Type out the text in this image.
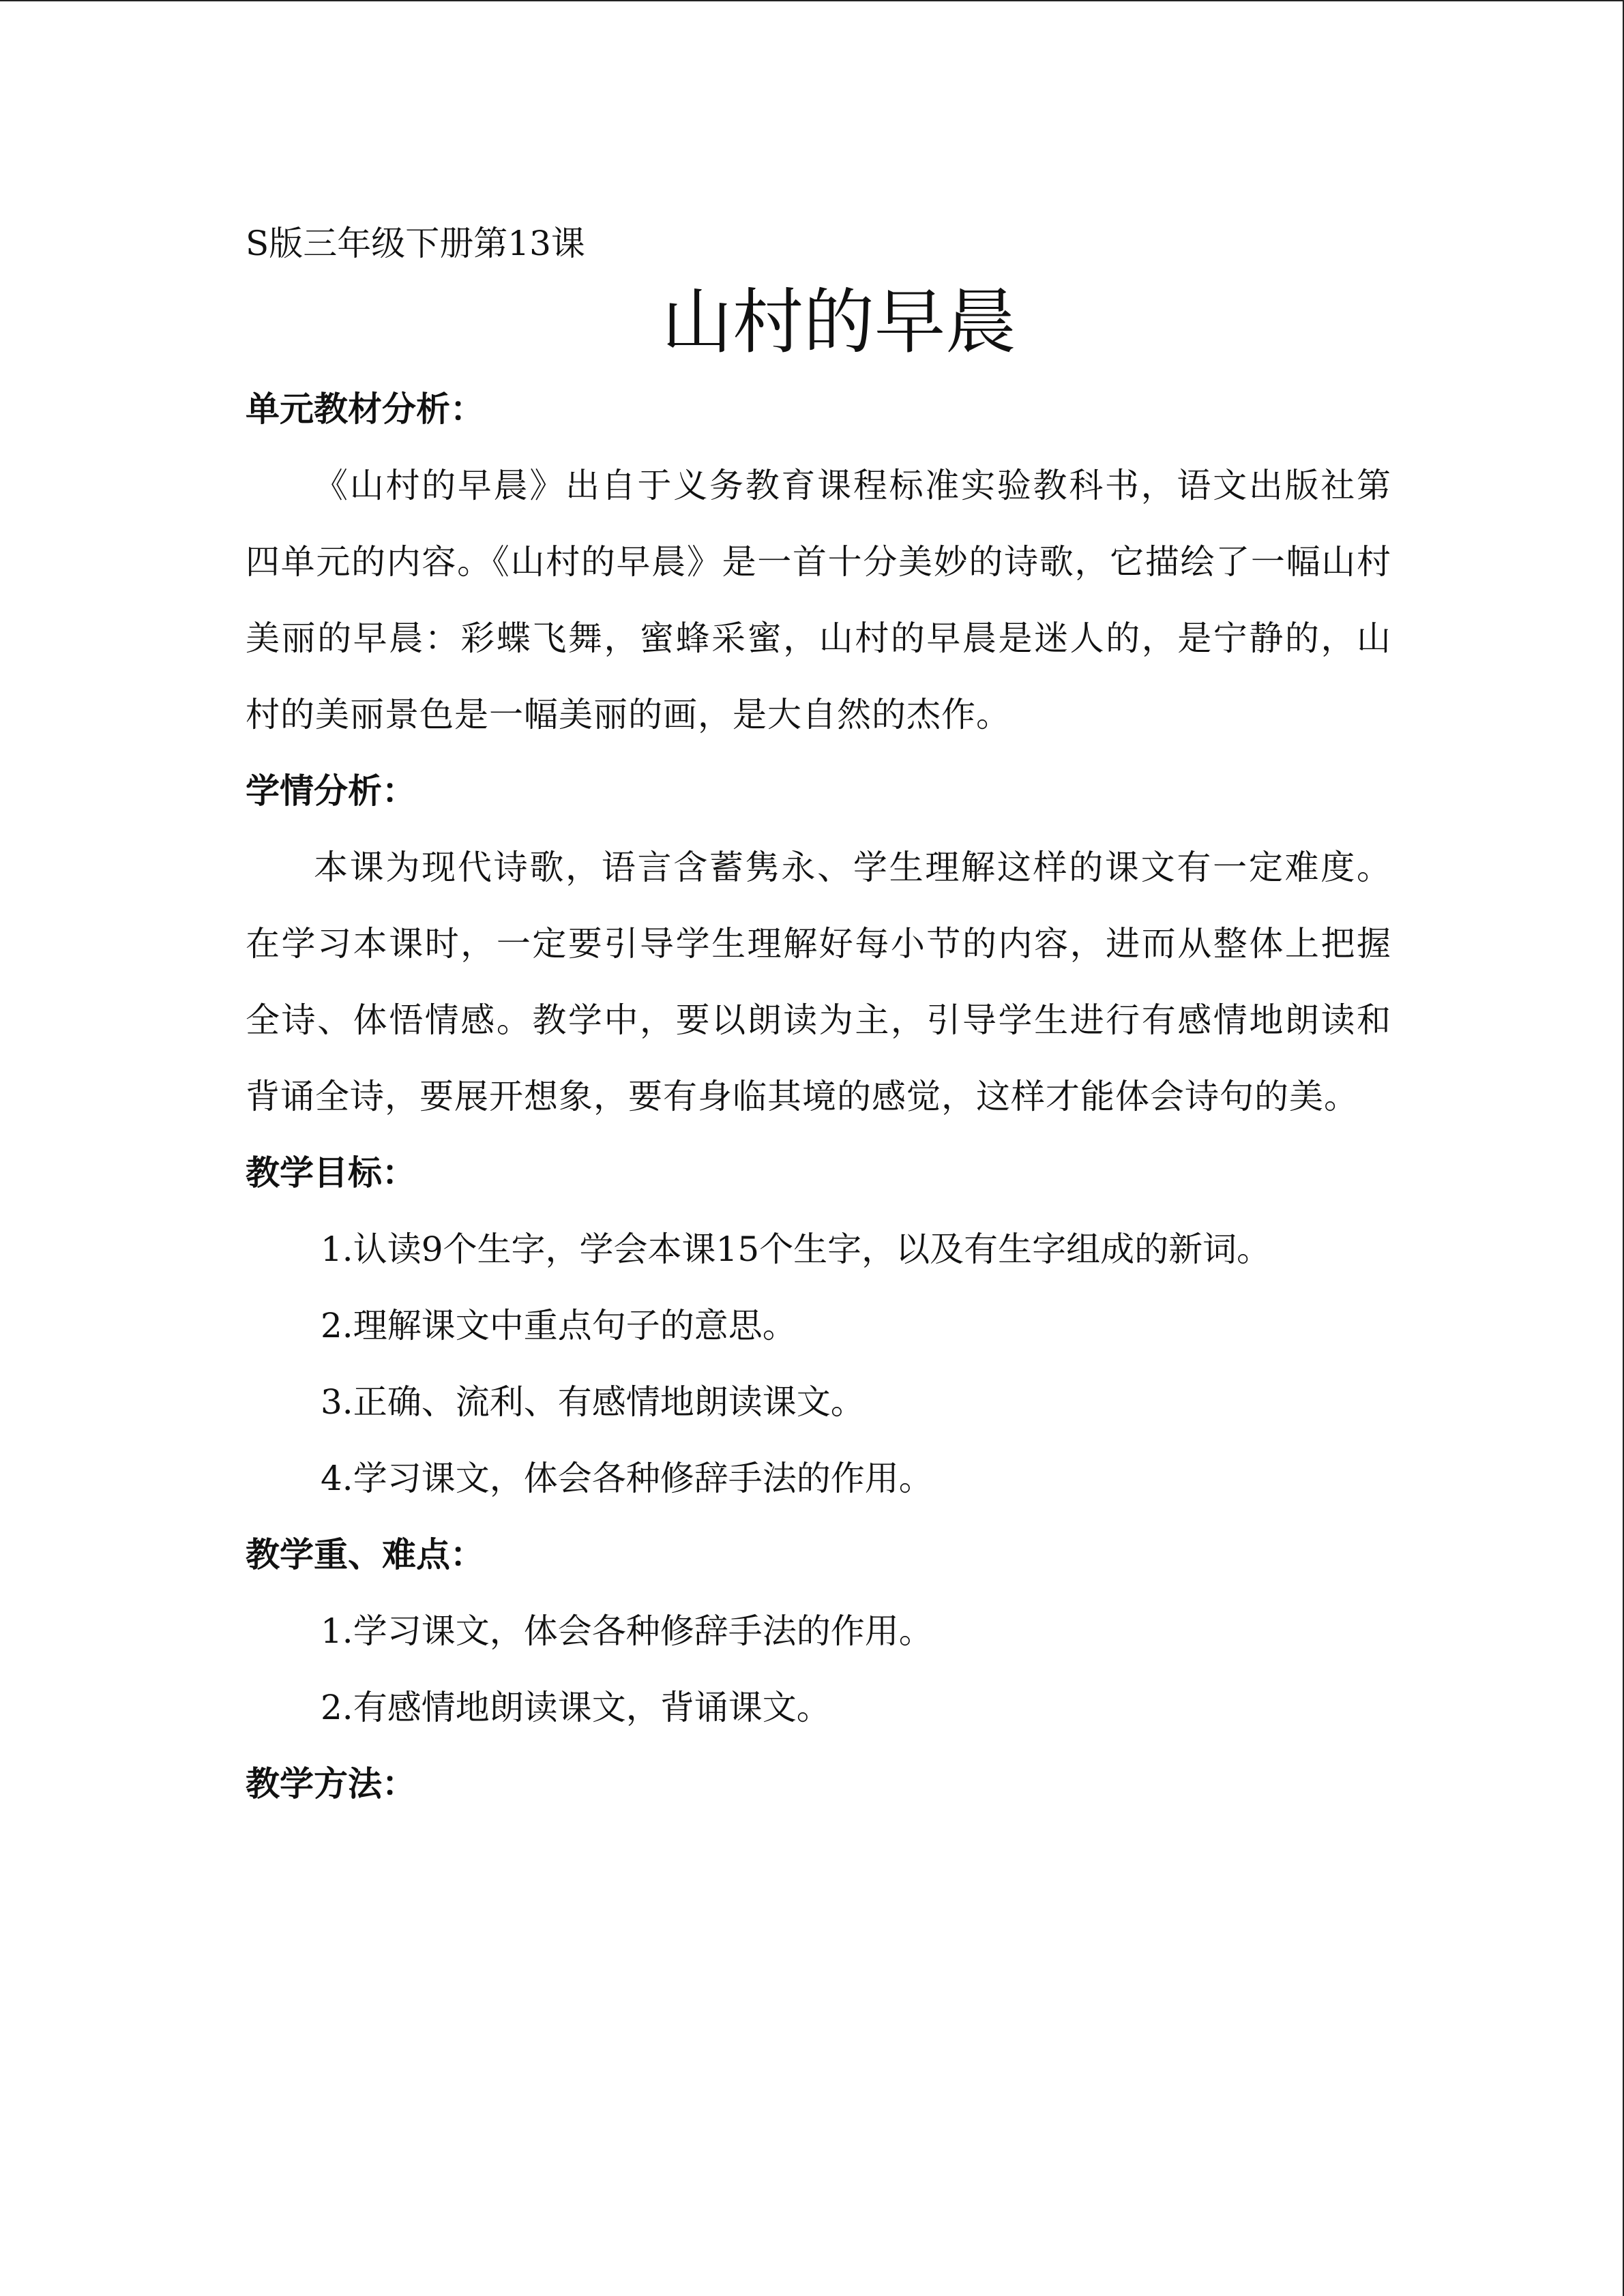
S版三年级下册第13课
山村的早晨
单元教材分析：

《山村的早晨》出自于义务教育课程标准实验教科书，语文出版社第四单元的内容。《山村的早晨》是一首十分美妙的诗歌，它描绘了一幅山村美丽的早晨：彩蝶飞舞，蜜蜂采蜜，山村的早晨是迷人的，是宁静的，山村的美丽景色是一幅美丽的画，是大自然的杰作。

学情分析：

本课为现代诗歌，语言含蓄隽永、学生理解这样的课文有一定难度。在学习本课时，一定要引导学生理解好每小节的内容，进而从整体上把握全诗、体悟情感。教学中，要以朗读为主，引导学生进行有感情地朗读和背诵全诗，要展开想象，要有身临其境的感觉，这样才能体会诗句的美。

教学目标：
1.认读9个生字，学会本课15个生字，以及有生字组成的新词。
2.理解课文中重点句子的意思。
3.正确、流利、有感情地朗读课文。
4.学习课文，体会各种修辞手法的作用。
教学重、难点：
1.学习课文，体会各种修辞手法的作用。
2.有感情地朗读课文，背诵课文。
教学方法：
